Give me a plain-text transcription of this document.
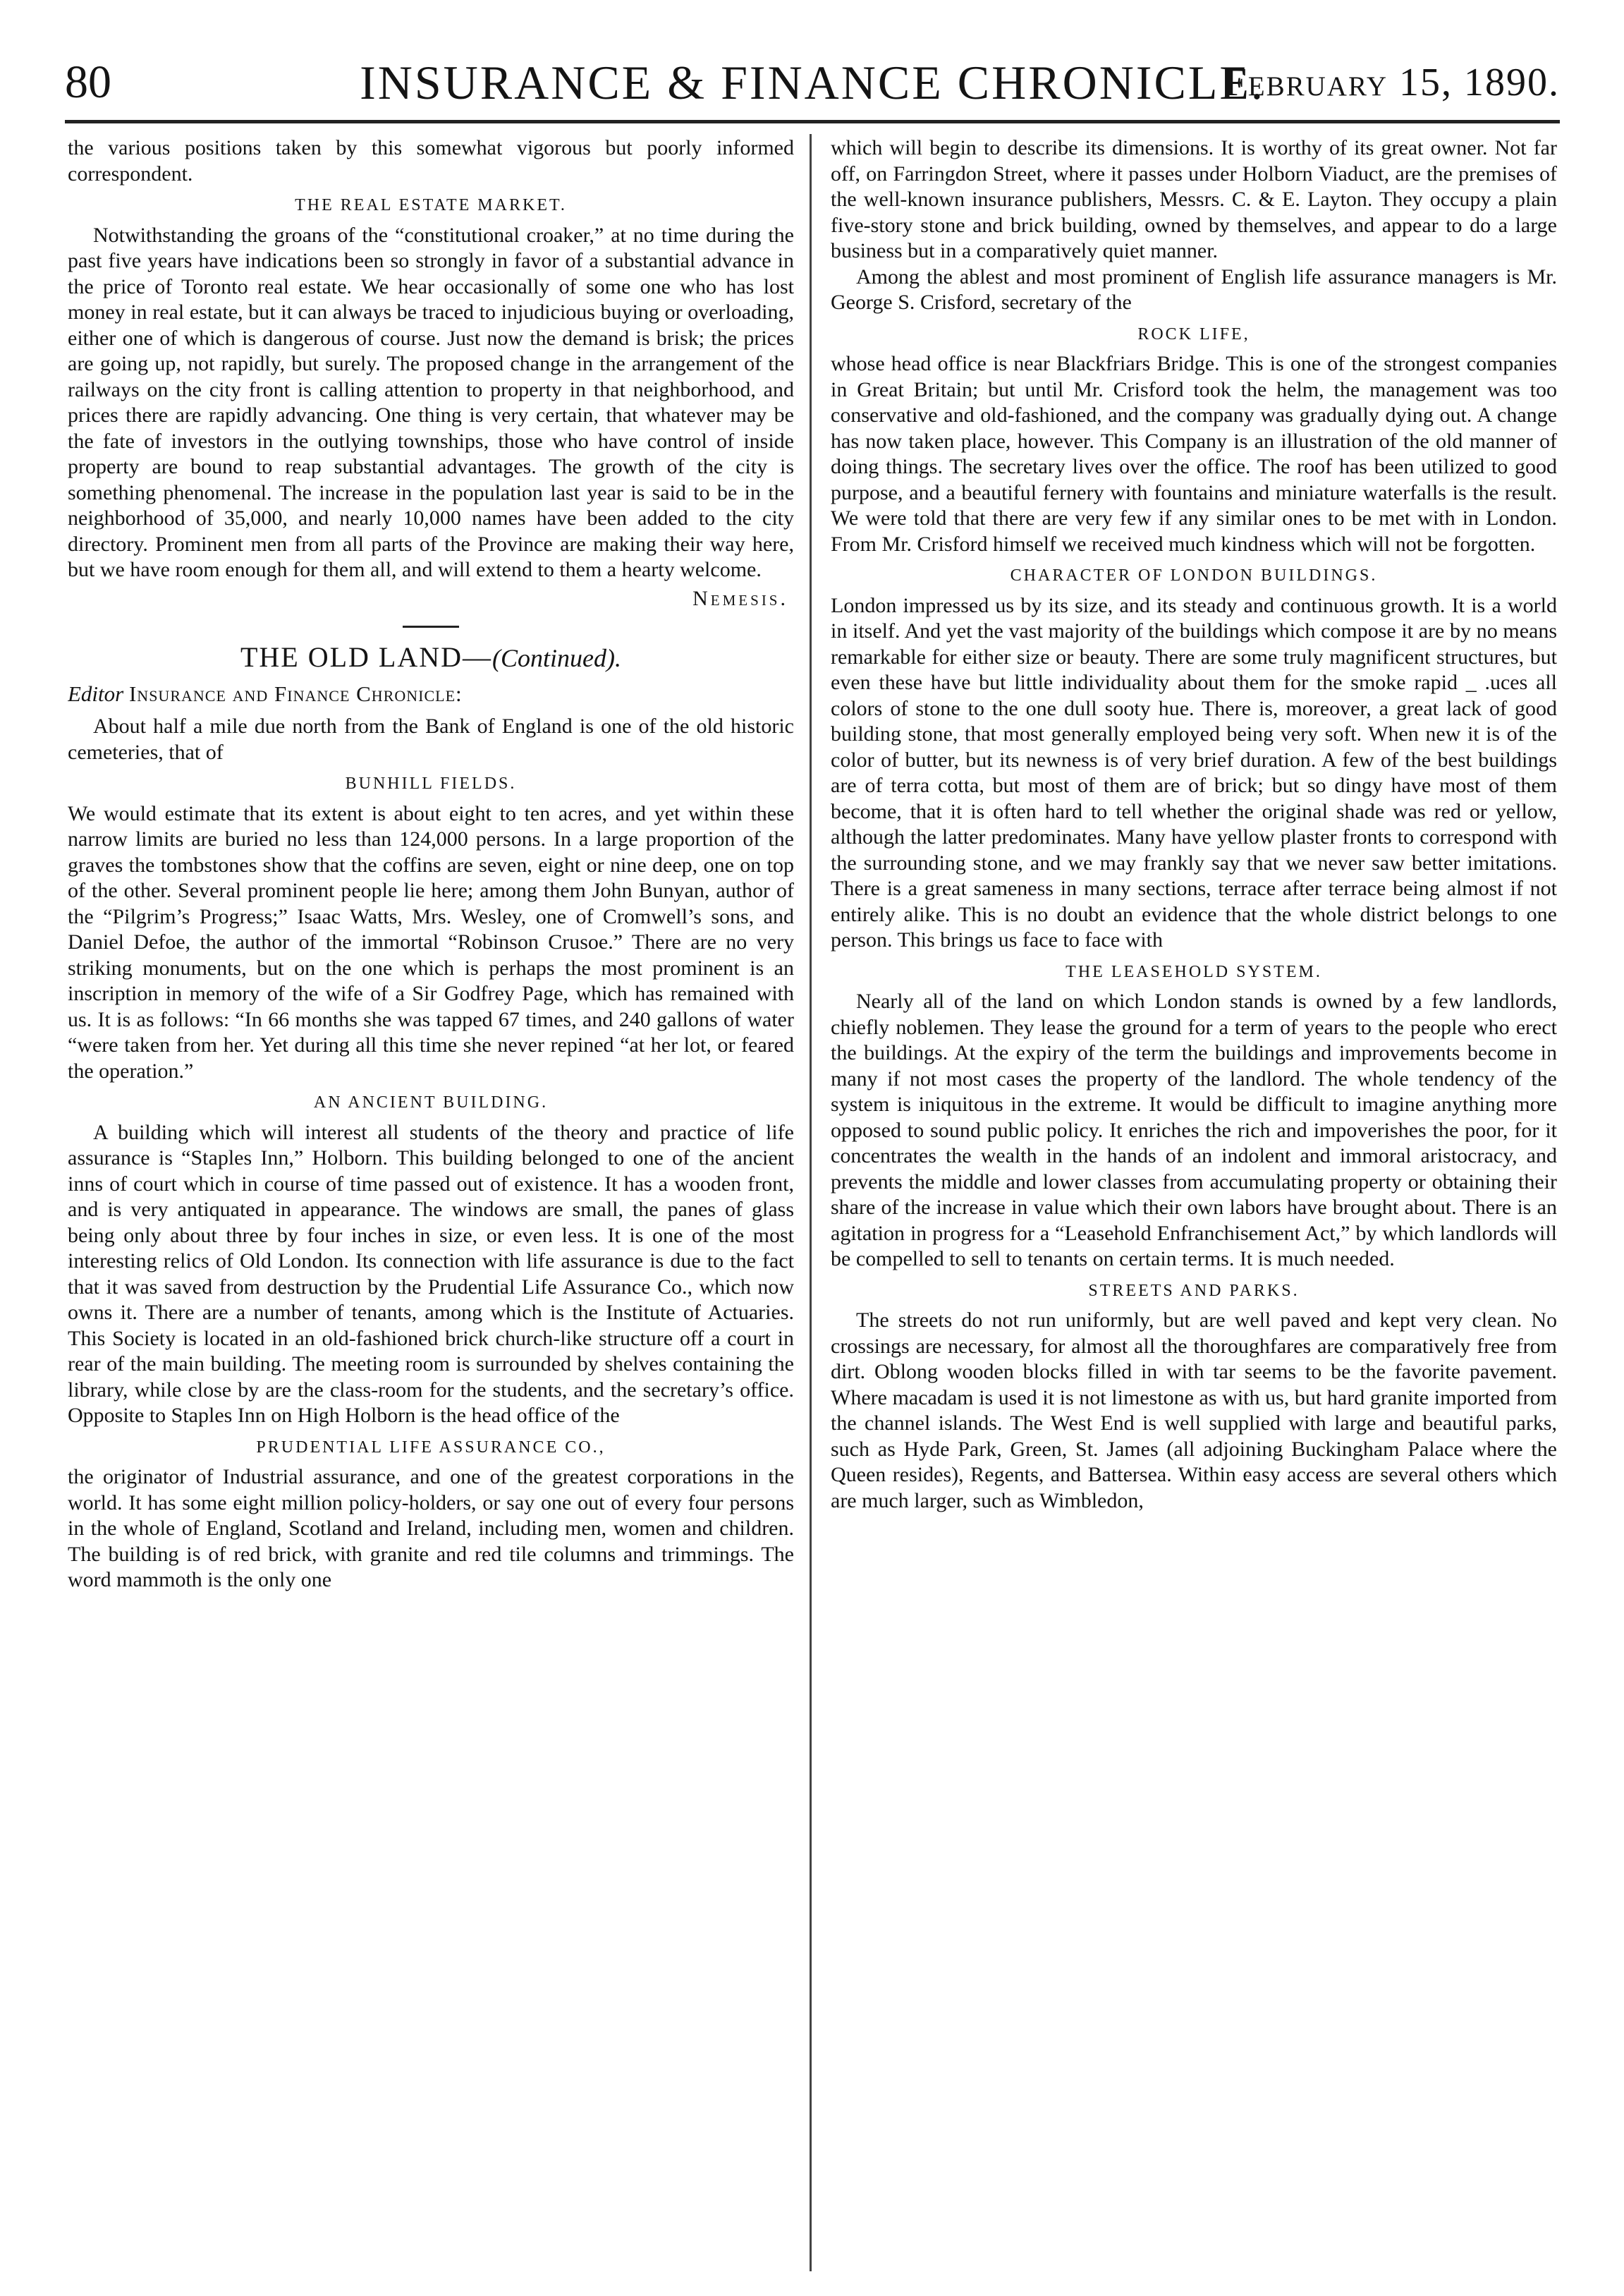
80	INSURANCE & FINANCE CHRONICLE.
February 15, 1890.

the various positions taken by this somewhat vigorous but poorly informed correspondent.

THE REAL ESTATE MARKET.

Notwithstanding the groans of the “constitutional croaker,” at no time during the past five years have indications been so strongly in favor of a substantial advance in the price of Toronto real estate. We hear occasionally of some one who has lost money in real estate, but it can always be traced to injudicious buying or overloading, either one of which is dangerous of course. Just now the demand is brisk; the prices are going up, not rapidly, but surely. The proposed change in the arrangement of the railways on the city front is calling attention to property in that neighborhood, and prices there are rapidly advancing. One thing is very certain, that whatever may be the fate of investors in the outlying townships, those who have control of inside property are bound to reap substantial advantages. The growth of the city is something phenomenal. The increase in the population last year is said to be in the neighborhood of 35,000, and nearly 10,000 names have been added to the city directory. Prominent men from all parts of the Province are making their way here, but we have room enough for them all, and will extend to them a hearty welcome.

Nemesis.
THE OLD LAND—(Continued).
Editor Insurance and Finance Chronicle:

About half a mile due north from the Bank of England is one of the old historic cemeteries, that of

BUNHILL FIELDS.

We would estimate that its extent is about eight to ten acres, and yet within these narrow limits are buried no less than 124,000 persons. In a large proportion of the graves the tombstones show that the coffins are seven, eight or nine deep, one on top of the other. Several prominent people lie here; among them John Bunyan, author of the “Pilgrim’s Progress;” Isaac Watts, Mrs. Wesley, one of Cromwell’s sons, and Daniel Defoe, the author of the immortal “Robinson Crusoe.” There are no very striking monuments, but on the one which is perhaps the most prominent is an inscription in memory of the wife of a Sir Godfrey Page, which has remained with us. It is as follows: “In 66 months she was tapped 67 times, and 240 gallons of water “were taken from her. Yet during all this time she never repined “at her lot, or feared the operation.”

AN ANCIENT BUILDING.

A building which will interest all students of the theory and practice of life assurance is “Staples Inn,” Holborn. This building belonged to one of the ancient inns of court which in course of time passed out of existence. It has a wooden front, and is very antiquated in appearance. The windows are small, the panes of glass being only about three by four inches in size, or even less. It is one of the most interesting relics of Old London. Its connection with life assurance is due to the fact that it was saved from destruction by the Prudential Life Assurance Co., which now owns it. There are a number of tenants, among which is the Institute of Actuaries. This Society is located in an old-fashioned brick church-like structure off a court in rear of the main building. The meeting room is surrounded by shelves containing the library, while close by are the class-room for the students, and the secretary’s office. Opposite to Staples Inn on High Holborn is the head office of the

PRUDENTIAL LIFE ASSURANCE CO.,

the originator of Industrial assurance, and one of the greatest corporations in the world. It has some eight million policy-holders, or say one out of every four persons in the whole of England, Scotland and Ireland, including men, women and children. The building is of red brick, with granite and red tile columns and trimmings. The word mammoth is the only one

which will begin to describe its dimensions. It is worthy of its great owner. Not far off, on Farringdon Street, where it passes under Holborn Viaduct, are the premises of the well-known insurance publishers, Messrs. C. & E. Layton. They occupy a plain five-story stone and brick building, owned by themselves, and appear to do a large business but in a comparatively quiet manner.

Among the ablest and most prominent of English life assurance managers is Mr. George S. Crisford, secretary of the

ROCK LIFE,

whose head office is near Blackfriars Bridge. This is one of the strongest companies in Great Britain; but until Mr. Crisford took the helm, the management was too conservative and old-fashioned, and the company was gradually dying out. A change has now taken place, however. This Company is an illustration of the old manner of doing things. The secretary lives over the office. The roof has been utilized to good purpose, and a beautiful fernery with fountains and miniature waterfalls is the result. We were told that there are very few if any similar ones to be met with in London. From Mr. Crisford himself we received much kindness which will not be forgotten.

CHARACTER OF LONDON BUILDINGS.

London impressed us by its size, and its steady and continuous growth. It is a world in itself. And yet the vast majority of the buildings which compose it are by no means remarkable for either size or beauty. There are some truly magnificent structures, but even these have but little individuality about them for the smoke rapid _ .uces all colors of stone to the one dull sooty hue. There is, moreover, a great lack of good building stone, that most generally employed being very soft. When new it is of the color of butter, but its newness is of very brief duration. A few of the best buildings are of terra cotta, but most of them are of brick; but so dingy have most of them become, that it is often hard to tell whether the original shade was red or yellow, although the latter predominates. Many have yellow plaster fronts to correspond with the surrounding stone, and we may frankly say that we never saw better imitations. There is a great sameness in many sections, terrace after terrace being almost if not entirely alike. This is no doubt an evidence that the whole district belongs to one person. This brings us face to face with

THE LEASEHOLD SYSTEM.

Nearly all of the land on which London stands is owned by a few landlords, chiefly noblemen. They lease the ground for a term of years to the people who erect the buildings. At the expiry of the term the buildings and improvements become in many if not most cases the property of the landlord. The whole tendency of the system is iniquitous in the extreme. It would be difficult to imagine anything more opposed to sound public policy. It enriches the rich and impoverishes the poor, for it concentrates the wealth in the hands of an indolent and immoral aristocracy, and prevents the middle and lower classes from accumulating property or obtaining their share of the increase in value which their own labors have brought about. There is an agitation in progress for a “Leasehold Enfranchisement Act,” by which landlords will be compelled to sell to tenants on certain terms. It is much needed.

STREETS AND PARKS.

The streets do not run uniformly, but are well paved and kept very clean. No crossings are necessary, for almost all the thoroughfares are comparatively free from dirt. Oblong wooden blocks filled in with tar seems to be the favorite pavement. Where macadam is used it is not limestone as with us, but hard granite imported from the channel islands. The West End is well supplied with large and beautiful parks, such as Hyde Park, Green, St. James (all adjoining Buckingham Palace where the Queen resides), Regents, and Battersea. Within easy access are several others which are much larger, such as Wimbledon,
